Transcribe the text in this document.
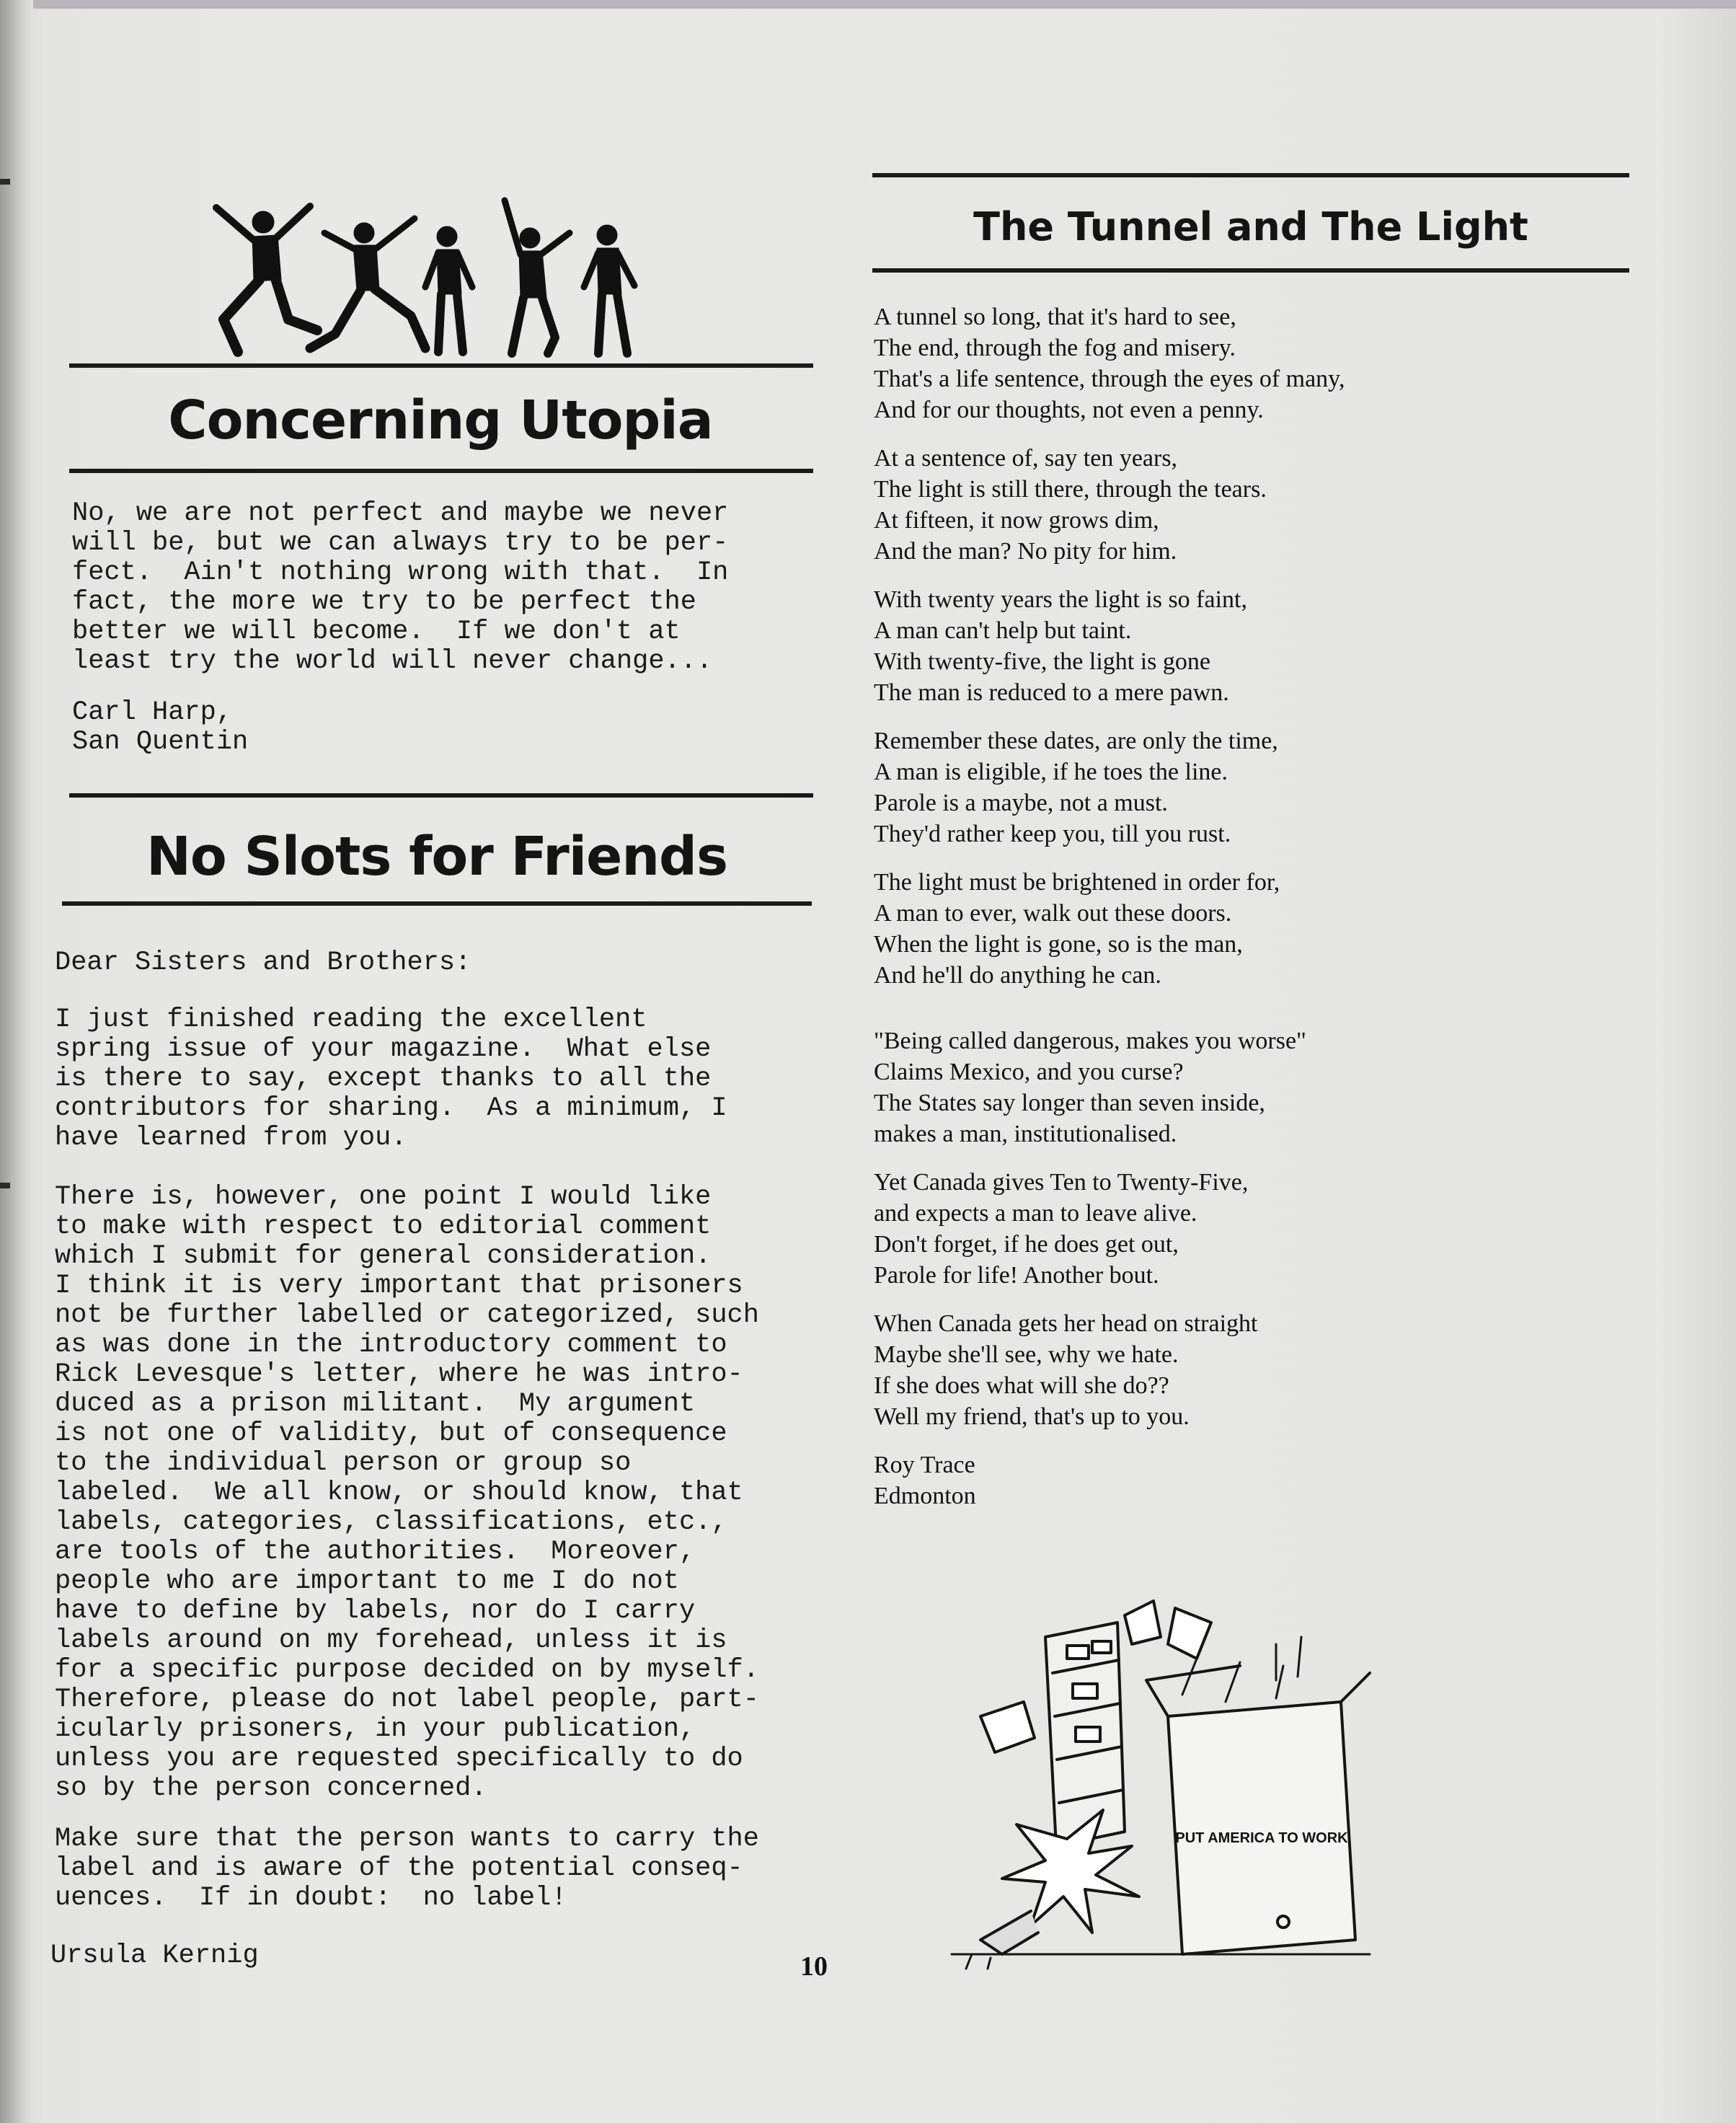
Concerning Utopia

No, we are not perfect and maybe we never
will be, but we can always try to be per-
fect.  Ain't nothing wrong with that.  In
fact, the more we try to be perfect the
better we will become.  If we don't at
least try the world will never change...

Carl Harp,
San Quentin

No Slots for Friends

Dear Sisters and Brothers:

I just finished reading the excellent
spring issue of your magazine.  What else
is there to say, except thanks to all the
contributors for sharing.  As a minimum, I
have learned from you.

There is, however, one point I would like
to make with respect to editorial comment
which I submit for general consideration.
I think it is very important that prisoners
not be further labelled or categorized, such
as was done in the introductory comment to
Rick Levesque's letter, where he was intro-
duced as a prison militant.  My argument
is not one of validity, but of consequence
to the individual person or group so
labeled.  We all know, or should know, that
labels, categories, classifications, etc.,
are tools of the authorities.  Moreover,
people who are important to me I do not
have to define by labels, nor do I carry
labels around on my forehead, unless it is
for a specific purpose decided on by myself.
Therefore, please do not label people, part-
icularly prisoners, in your publication,
unless you are requested specifically to do
so by the person concerned.

Make sure that the person wants to carry the
label and is aware of the potential conseq-
uences.  If in doubt:  no label!

Ursula Kernig

The Tunnel and The Light
A tunnel so long, that it's hard to see,
The end, through the fog and misery.
That's a life sentence, through the eyes of many,
And for our thoughts, not even a penny.
At a sentence of, say ten years,
The light is still there, through the tears.
At fifteen, it now grows dim,
And the man? No pity for him.
With twenty years the light is so faint,
A man can't help but taint.
With twenty-five, the light is gone
The man is reduced to a mere pawn.
Remember these dates, are only the time,
A man is eligible, if he toes the line.
Parole is a maybe, not a must.
They'd rather keep you, till you rust.
The light must be brightened in order for,
A man to ever, walk out these doors.
When the light is gone, so is the man,
And he'll do anything he can.
"Being called dangerous, makes you worse"
Claims Mexico, and you curse?
The States say longer than seven inside,
makes a man, institutionalised.
Yet Canada gives Ten to Twenty-Five,
and expects a man to leave alive.
Don't forget, if he does get out,
Parole for life! Another bout.
When Canada gets her head on straight
Maybe she'll see, why we hate.
If she does what will she do??
Well my friend, that's up to you.
Roy Trace
Edmonton
PUT AMERICA TO WORK
10
